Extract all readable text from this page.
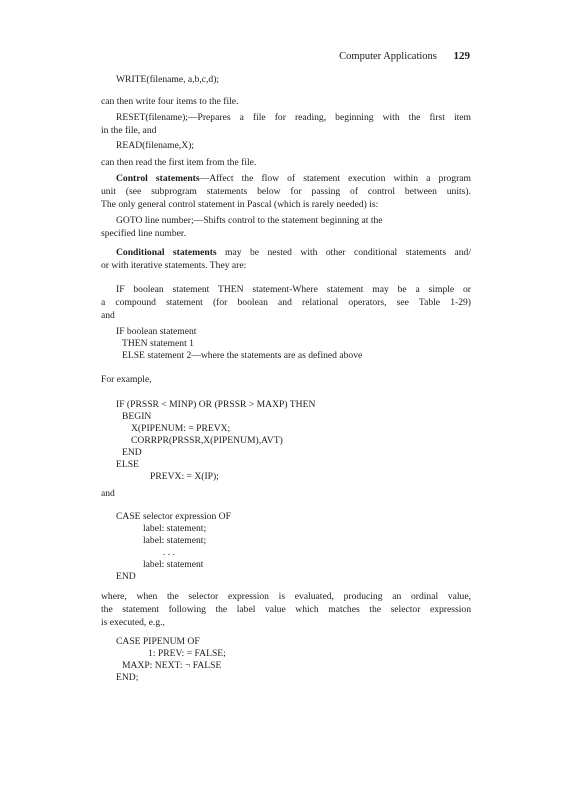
Computer Applications 129
WRITE(filename, a,b,c,d);
can then write four items to the file.
RESET(filename);—Prepares a file for reading, beginning with the first item
in the file, and
READ(filename,X);
can then read the first item from the file.
Control statements—Affect the flow of statement execution within a program
unit (see subprogram statements below for passing of control between units).
The only general control statement in Pascal (which is rarely needed) is:
GOTO line number;—Shifts control to the statement beginning at the
specified line number.
Conditional statements may be nested with other conditional statements and/
or with iterative statements. They are:
IF boolean statement THEN statement-Where statement may be a simple or
a compound statement (for boolean and relational operators, see Table 1-29)
and
IF boolean statement
THEN statement 1
ELSE statement 2—where the statements are as defined above
For example,
IF (PRSSR < MINP) OR (PRSSR > MAXP) THEN
BEGIN
X(PIPENUM: = PREVX;
CORRPR(PRSSR,X(PIPENUM),AVT)
END
ELSE
PREVX: = X(IP);
and
CASE selector expression OF
label: statement;
label: statement;
. . .
label: statement
END
where, when the selector expression is evaluated, producing an ordinal value,
the statement following the label value which matches the selector expression
is executed, e.g.,
CASE PIPENUM OF
1: PREV: = FALSE;
MAXP: NEXT: ¬ FALSE
END;
